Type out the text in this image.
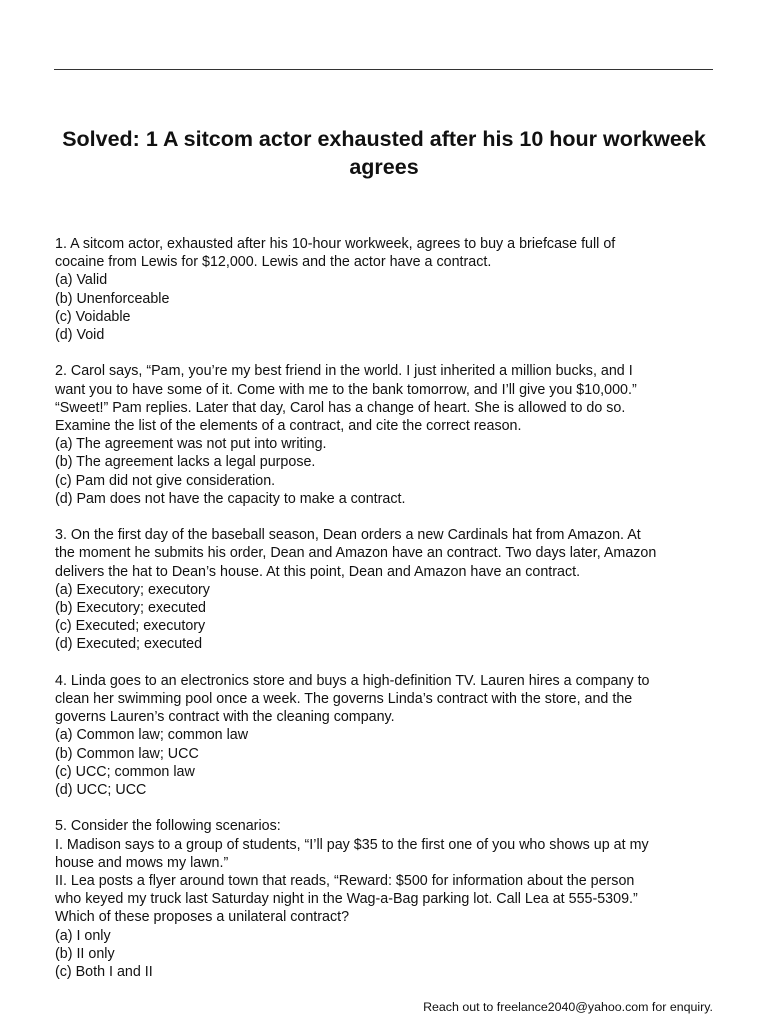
Solved: 1 A sitcom actor exhausted after his 10 hour workweek agrees
1. A sitcom actor, exhausted after his 10-hour workweek, agrees to buy a briefcase full of
cocaine from Lewis for $12,000. Lewis and the actor have a contract.
(a) Valid
(b) Unenforceable
(c) Voidable
(d) Void
2. Carol says, “Pam, you’re my best friend in the world. I just inherited a million bucks, and I
want you to have some of it. Come with me to the bank tomorrow, and I’ll give you $10,000.”
“Sweet!” Pam replies. Later that day, Carol has a change of heart. She is allowed to do so.
Examine the list of the elements of a contract, and cite the correct reason.
(a) The agreement was not put into writing.
(b) The agreement lacks a legal purpose.
(c) Pam did not give consideration.
(d) Pam does not have the capacity to make a contract.
3. On the first day of the baseball season, Dean orders a new Cardinals hat from Amazon. At
the moment he submits his order, Dean and Amazon have an contract. Two days later, Amazon
delivers the hat to Dean’s house. At this point, Dean and Amazon have an contract.
(a) Executory; executory
(b) Executory; executed
(c) Executed; executory
(d) Executed; executed
4. Linda goes to an electronics store and buys a high-definition TV. Lauren hires a company to
clean her swimming pool once a week. The governs Linda’s contract with the store, and the
governs Lauren’s contract with the cleaning company.
(a) Common law; common law
(b) Common law; UCC
(c) UCC; common law
(d) UCC; UCC
5. Consider the following scenarios:
I. Madison says to a group of students, “I’ll pay $35 to the first one of you who shows up at my
house and mows my lawn.”
II. Lea posts a flyer around town that reads, “Reward: $500 for information about the person
who keyed my truck last Saturday night in the Wag-a-Bag parking lot. Call Lea at 555-5309.”
Which of these proposes a unilateral contract?
(a) I only
(b) II only
(c) Both I and II
Reach out to freelance2040@yahoo.com for enquiry.
